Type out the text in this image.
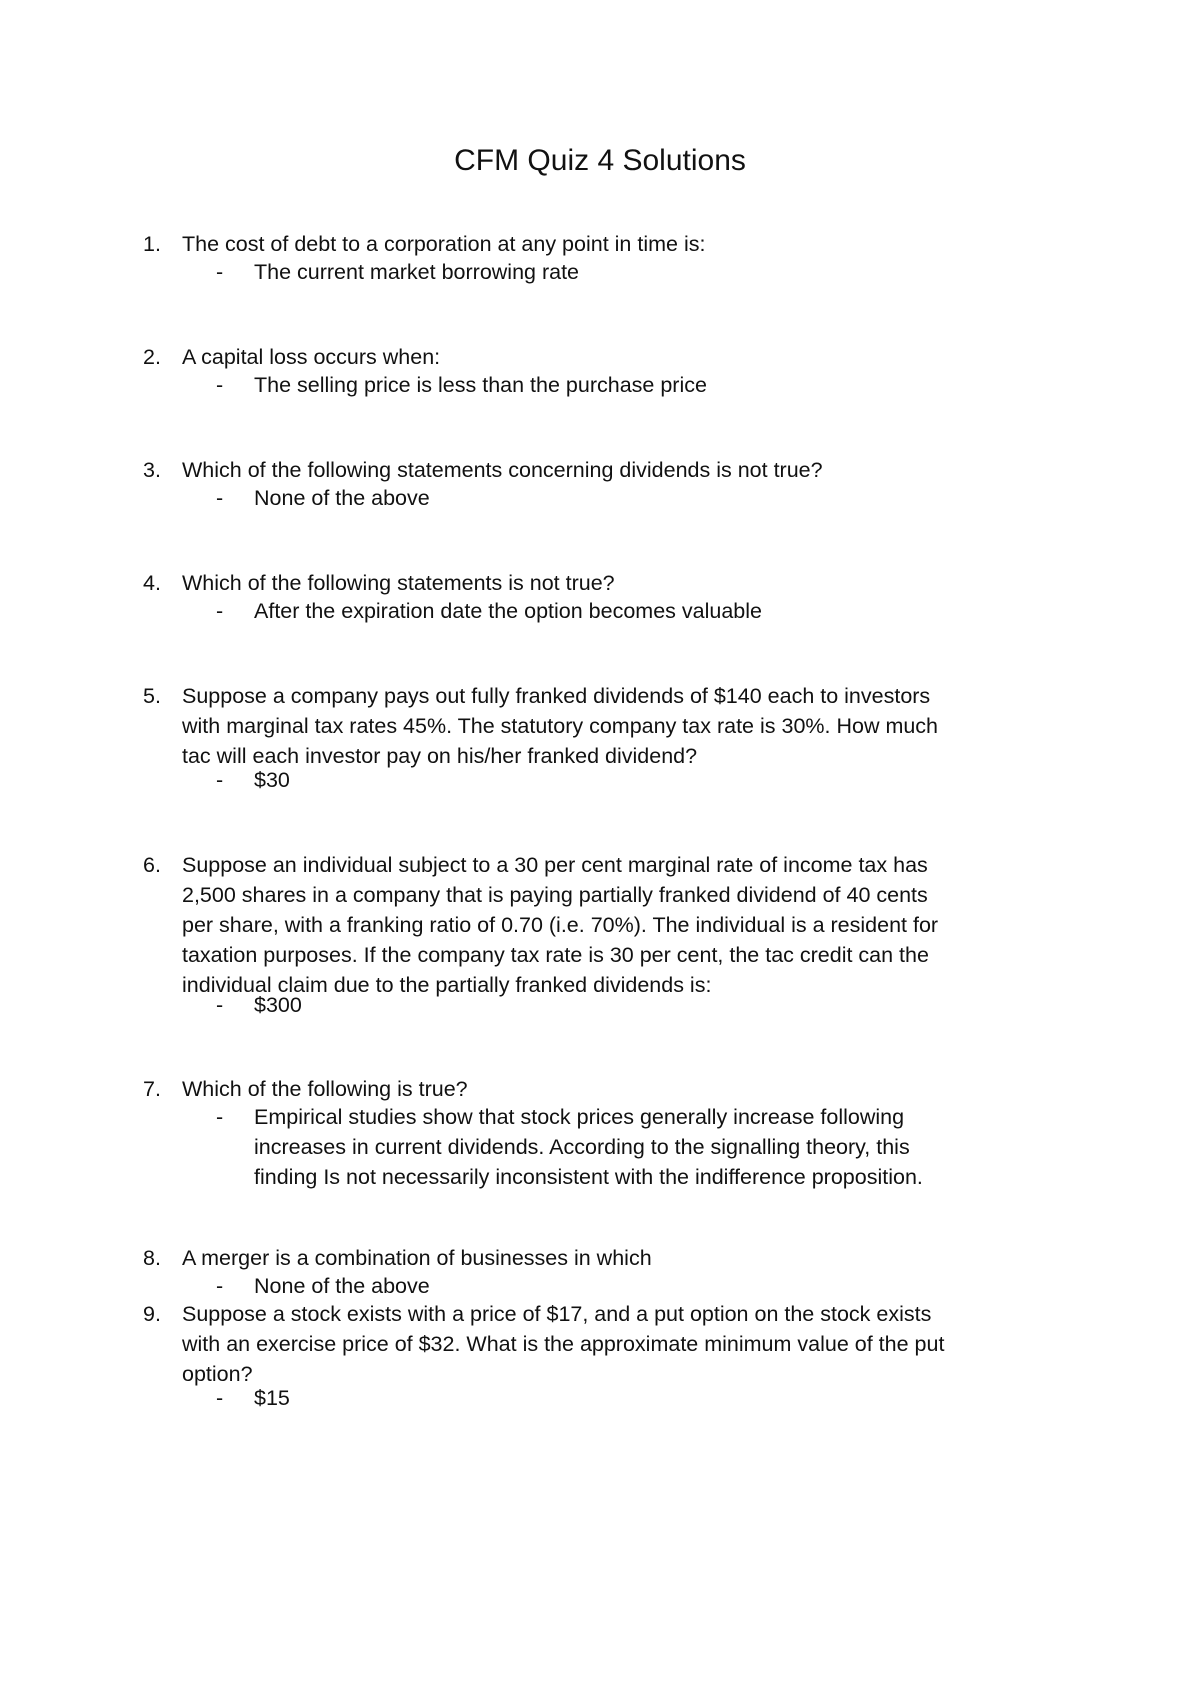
CFM Quiz 4 Solutions
1. The cost of debt to a corporation at any point in time is:
- The current market borrowing rate
2. A capital loss occurs when:
- The selling price is less than the purchase price
3. Which of the following statements concerning dividends is not true?
- None of the above
4. Which of the following statements is not true?
- After the expiration date the option becomes valuable
5. Suppose a company pays out fully franked dividends of $140 each to investors
with marginal tax rates 45%. The statutory company tax rate is 30%. How much
tac will each investor pay on his/her franked dividend?
- $30
6. Suppose an individual subject to a 30 per cent marginal rate of income tax has
2,500 shares in a company that is paying partially franked dividend of 40 cents
per share, with a franking ratio of 0.70 (i.e. 70%). The individual is a resident for
taxation purposes. If the company tax rate is 30 per cent, the tac credit can the
individual claim due to the partially franked dividends is:
- $300
7. Which of the following is true?
- Empirical studies show that stock prices generally increase following
increases in current dividends. According to the signalling theory, this
finding Is not necessarily inconsistent with the indifference proposition.
8. A merger is a combination of businesses in which
- None of the above
9. Suppose a stock exists with a price of $17, and a put option on the stock exists
with an exercise price of $32. What is the approximate minimum value of the put
option?
- $15
